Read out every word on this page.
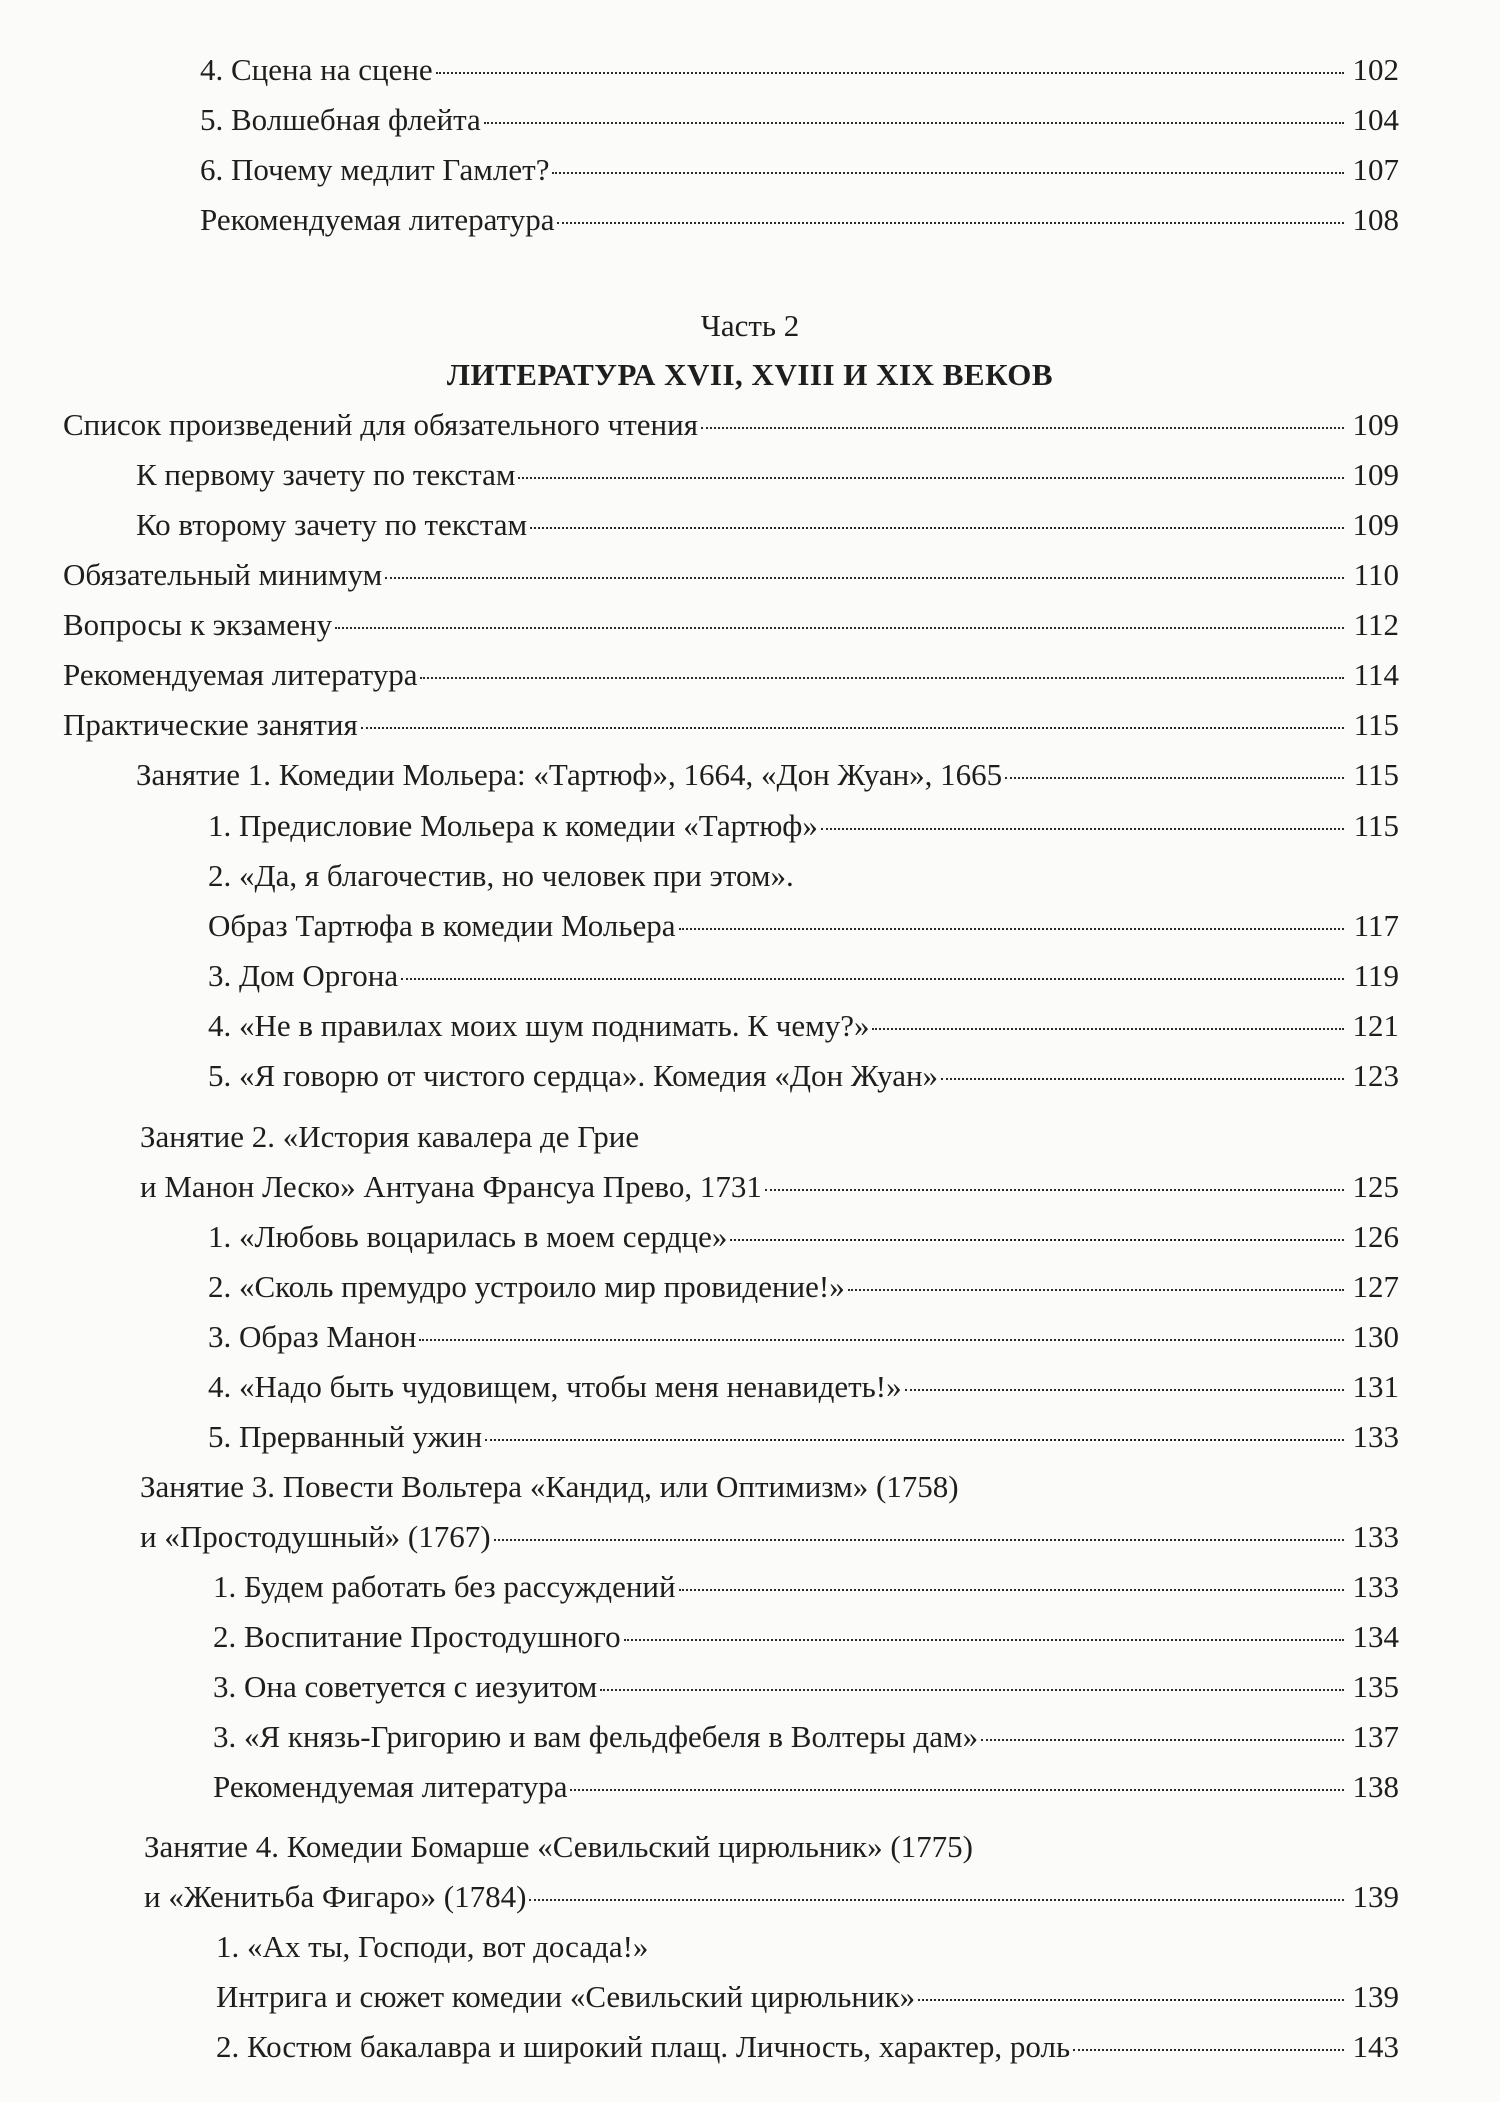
4. Сцена на сцене	102
5. Волшебная флейта	104
6. Почему медлит Гамлет?	107
Рекомендуемая литература	108
Часть 2
ЛИТЕРАТУРА XVII, XVIII И XIX ВЕКОВ
Список произведений для обязательного чтения	109
К первому зачету по текстам	109
Ко второму зачету по текстам	109
Обязательный минимум	110
Вопросы к экзамену	112
Рекомендуемая литература	114
Практические занятия	115
Занятие 1. Комедии Мольера: «Тартюф», 1664, «Дон Жуан», 1665	115
1. Предисловие Мольера к комедии «Тартюф»	115
2. «Да, я благочестив, но человек при этом».
Образ Тартюфа в комедии Мольера	117
3. Дом Оргона	119
4. «Не в правилах моих шум поднимать. К чему?»	121
5. «Я говорю от чистого сердца». Комедия «Дон Жуан»	123
Занятие 2. «История кавалера де Грие
и Манон Леско» Антуана Франсуа Прево, 1731	125
1. «Любовь воцарилась в моем сердце»	126
2. «Сколь премудро устроило мир провидение!»	127
3. Образ Манон	130
4. «Надо быть чудовищем, чтобы меня ненавидеть!»	131
5. Прерванный ужин	133
Занятие 3. Повести Вольтера «Кандид, или Оптимизм» (1758)
и «Простодушный» (1767)	133
1. Будем работать без рассуждений	133
2. Воспитание Простодушного	134
3. Она советуется с иезуитом	135
3. «Я князь-Григорию и вам фельдфебеля в Волтеры дам»	137
Рекомендуемая литература	138
Занятие 4. Комедии Бомарше «Севильский цирюльник» (1775)
и «Женитьба Фигаро» (1784)	139
1. «Ах ты, Господи, вот досада!»
Интрига и сюжет комедии «Севильский цирюльник»	139
2. Костюм бакалавра и широкий плащ. Личность, характер, роль	143
